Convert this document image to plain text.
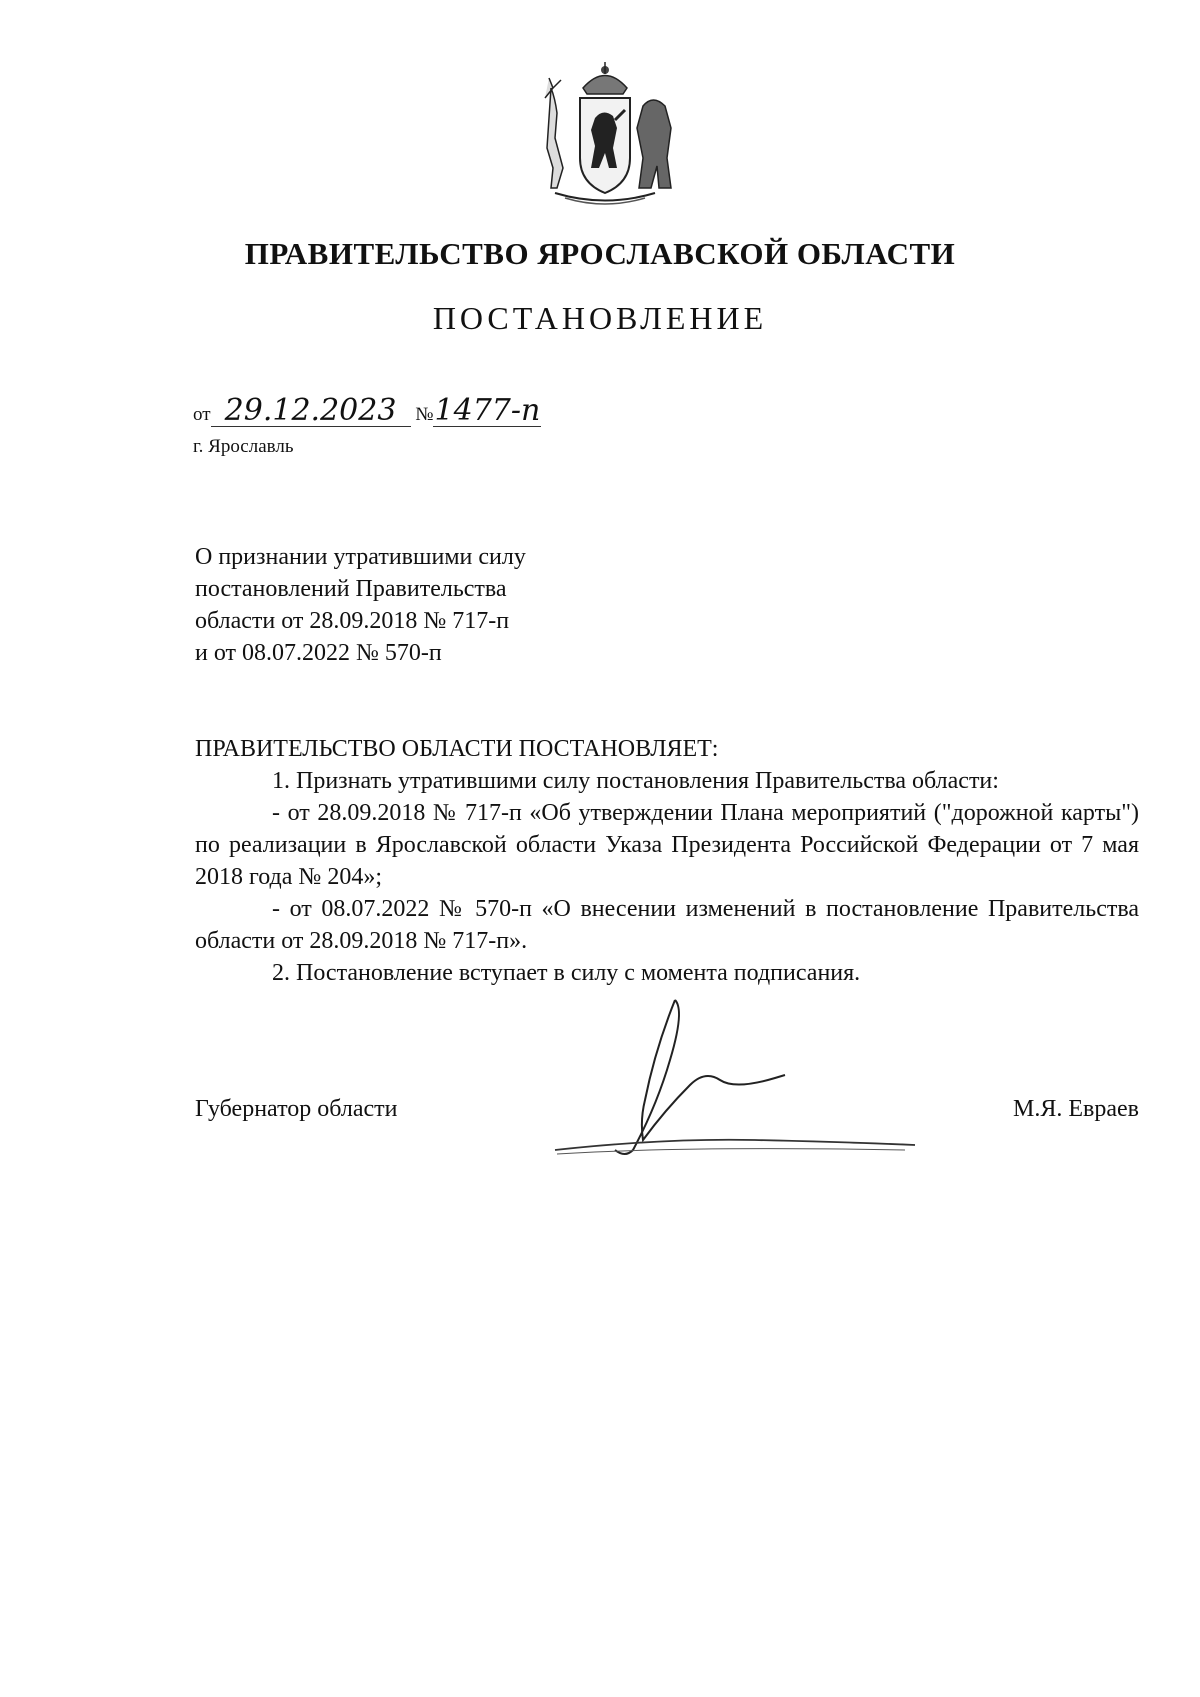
ПРАВИТЕЛЬСТВО ЯРОСЛАВСКОЙ ОБЛАСТИ
ПОСТАНОВЛЕНИЕ
от 29.12.2023 №1477-п
г. Ярославль
О признании утратившими силу
постановлений Правительства
области от 28.09.2018 № 717-п
и от 08.07.2022 № 570-п

ПРАВИТЕЛЬСТВО ОБЛАСТИ ПОСТАНОВЛЯЕТ:

1. Признать утратившими силу постановления Правительства области:

- от 28.09.2018 № 717-п «Об утверждении Плана мероприятий ("дорожной карты") по реализации в Ярославской области Указа Президента Российской Федерации от 7 мая 2018 года № 204»;

- от 08.07.2022 № 570-п «О внесении изменений в постановление Правительства области от 28.09.2018 № 717-п».

2. Постановление вступает в силу с момента подписания.

Губернатор области	М.Я. Евраев
